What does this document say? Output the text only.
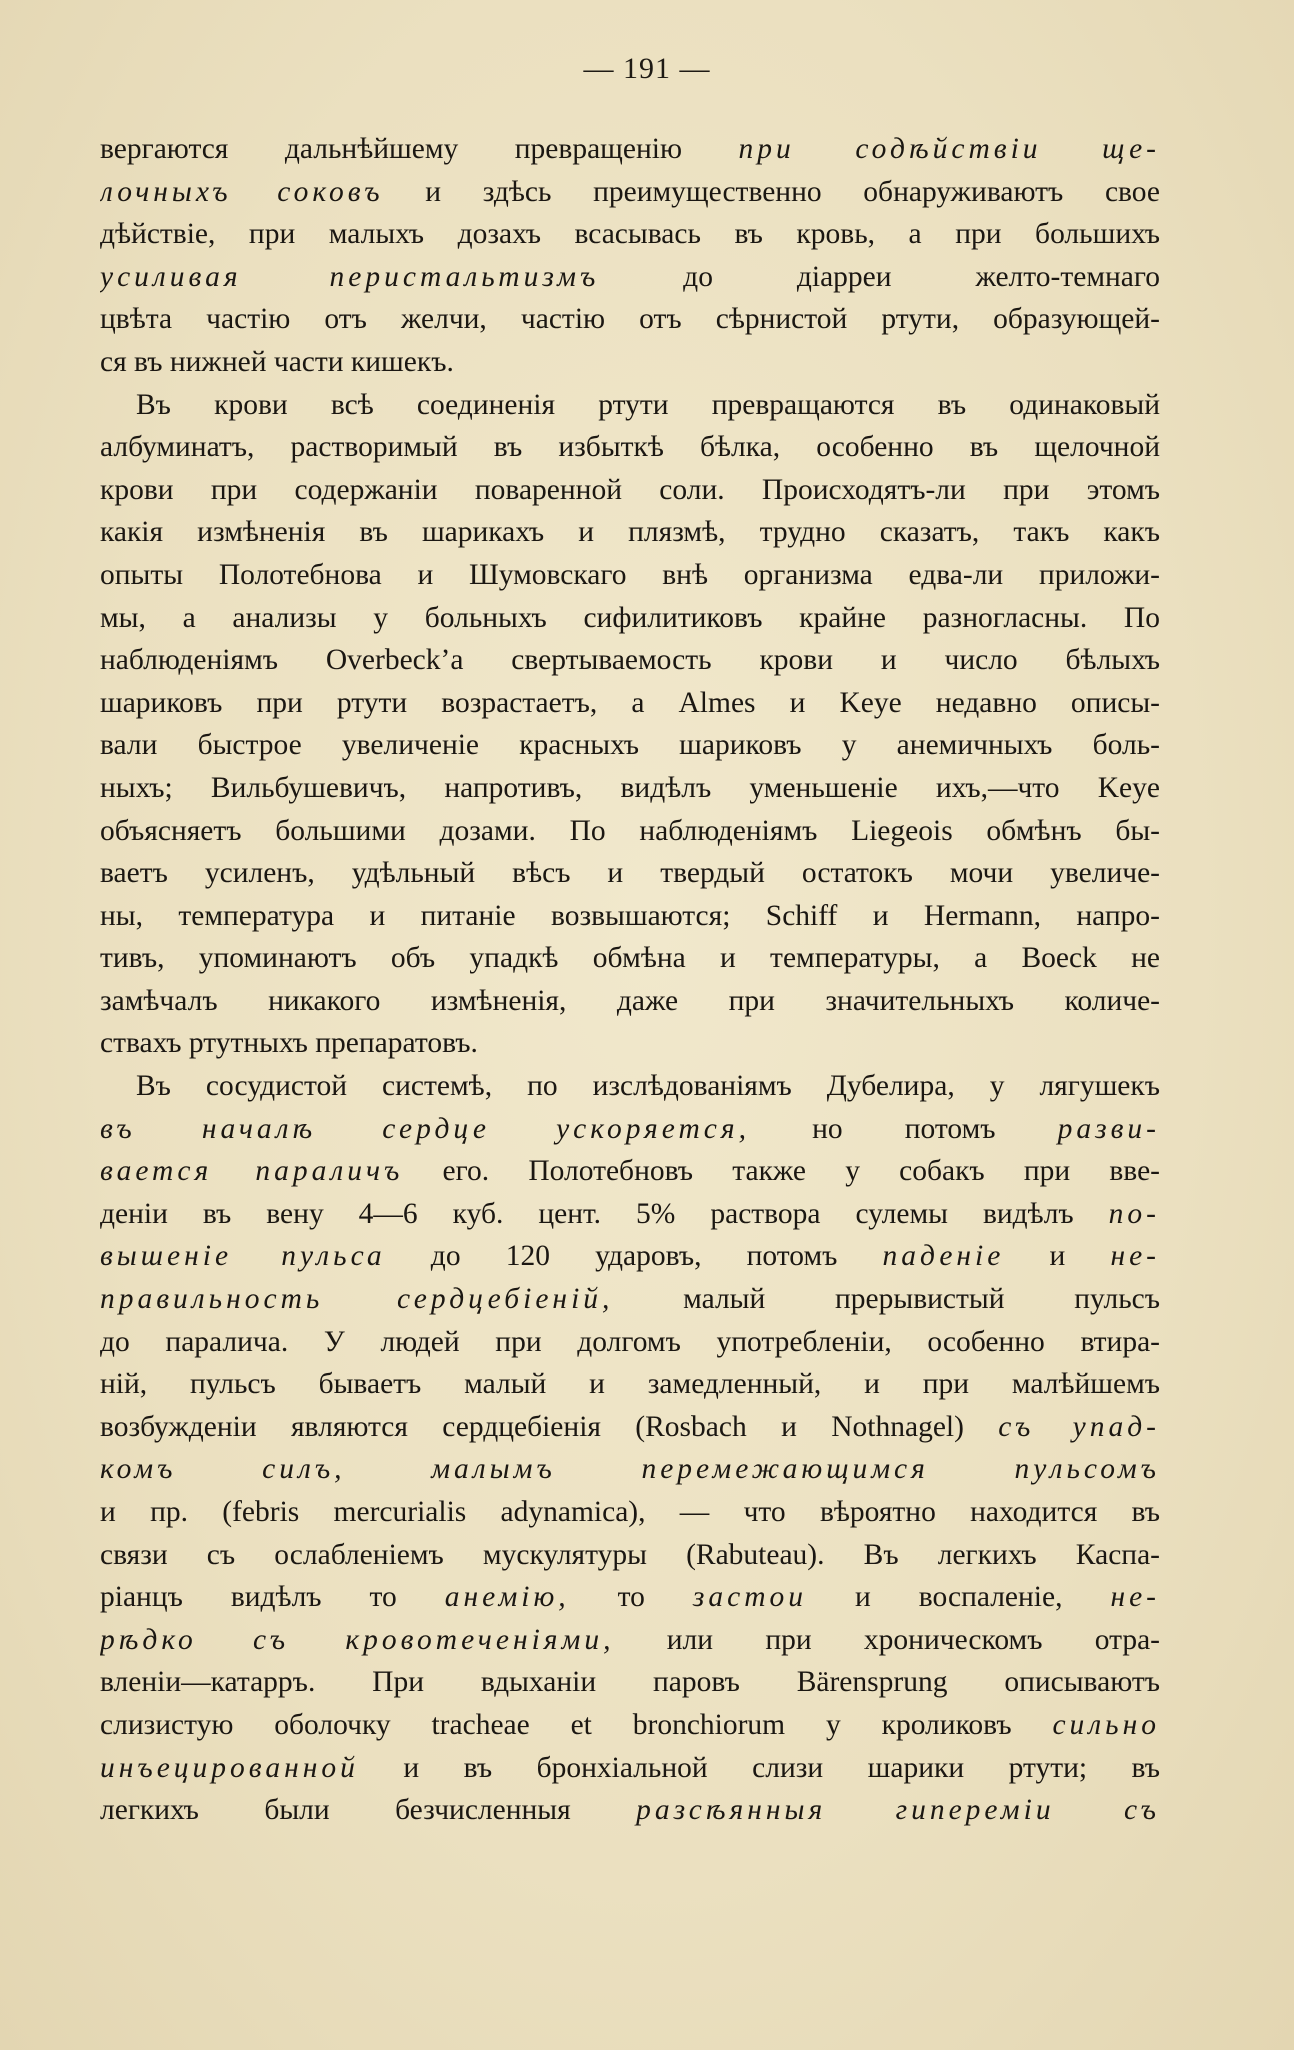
— 191 —
вергаются дальнѣйшему превращенію при содѣйствіи ще-
лочныхъ соковъ и здѣсь преимущественно обнаруживаютъ свое
дѣйствіе, при малыхъ дозахъ всасывась въ кровь, а при большихъ
усиливая перистальтизмъ до діарреи желто-темнаго
цвѣта частію отъ желчи, частію отъ сѣрнистой ртути, образующей-
ся въ нижней части кишекъ.
Въ крови всѣ соединенія ртути превращаются въ одинаковый
албуминатъ, растворимый въ избыткѣ бѣлка, особенно въ щелочной
крови при содержаніи поваренной соли. Происходятъ-ли при этомъ
какія измѣненія въ шарикахъ и плязмѣ, трудно сказатъ, такъ какъ
опыты Полотебнова и Шумовскаго внѣ организма едва-ли приложи-
мы, а анализы у больныхъ сифилитиковъ крайне разногласны. По
наблюденіямъ Overbeck’а свертываемость крови и число бѣлыхъ
шариковъ при ртути возрастаетъ, а Almes и Keye недавно описы-
вали быстрое увеличеніе красныхъ шариковъ у анемичныхъ боль-
ныхъ; Вильбушевичъ, напротивъ, видѣлъ уменьшеніе ихъ,—что Keye
объясняетъ большими дозами. По наблюденіямъ Liegeois обмѣнъ бы-
ваетъ усиленъ, удѣльный вѣсъ и твердый остатокъ мочи увеличе-
ны, температура и питаніе возвышаются; Schiff и Hermann, напро-
тивъ, упоминаютъ объ упадкѣ обмѣна и температуры, а Boeck не
замѣчалъ никакого измѣненія, даже при значительныхъ количе-
ствахъ ртутныхъ препаратовъ.
Въ сосудистой системѣ, по изслѣдованіямъ Дубелира, у лягушекъ
въ началѣ сердце ускоряется, но потомъ разви-
вается параличъ его. Полотебновъ также у собакъ при вве-
деніи въ вену 4—6 куб. цент. 5% раствора сулемы видѣлъ по-
вышеніе пульса до 120 ударовъ, потомъ паденіе и не-
правильность сердцебіеній, малый прерывистый пульсъ
до паралича. У людей при долгомъ употребленіи, особенно втира-
ній, пульсъ бываетъ малый и замедленный, и при малѣйшемъ
возбужденіи являются сердцебіенія (Rosbach и Nothnagel) съ упад-
комъ силъ, малымъ перемежающимся пульсомъ
и пр. (febris mercurialis adynamica), — что вѣроятно находится въ
связи съ ослабленіемъ мускулятуры (Rabuteau). Въ легкихъ Каспа-
ріанцъ видѣлъ то анемію, то застои и воспаленіе, не-
рѣдко съ кровотеченіями, или при хроническомъ отра-
вленіи—катарръ. При вдыханіи паровъ Bärensprung описываютъ
слизистую оболочку tracheae et bronchiorum у кроликовъ сильно
инъецированной и въ бронхіальной слизи шарики ртути; въ
легкихъ были безчисленныя разсѣянныя гипереміи съ
